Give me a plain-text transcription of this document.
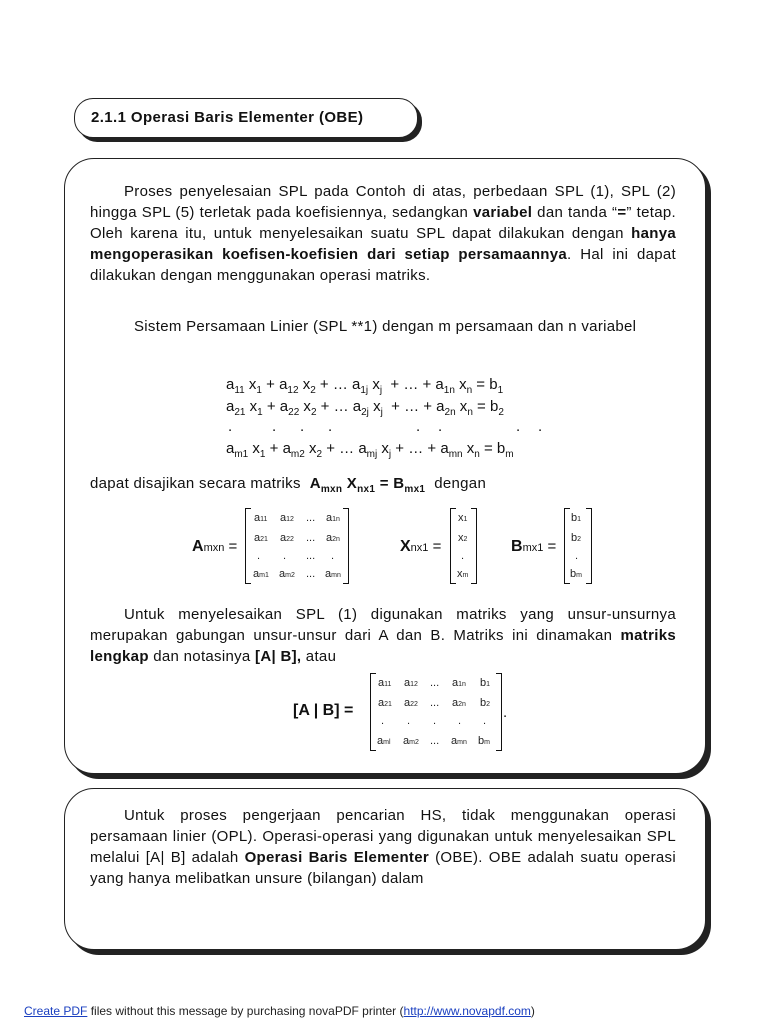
2.1.1 Operasi Baris Elementer (OBE)

Proses penyelesaian SPL pada Contoh di atas, perbedaan SPL (1), SPL (2) hingga SPL (5) terletak pada koefisiennya, sedangkan variabel dan tanda “=” tetap. Oleh karena itu, untuk menyelesaikan suatu SPL dapat dilakukan dengan hanya mengoperasikan koefisen-koefisien dari setiap persamaannya. Hal ini dapat dilakukan dengan menggunakan operasi matriks.

Sistem Persamaan Linier (SPL **1) dengan m persamaan dan n variabel

$a_{11}$ $x_1 + a_{12}$ $x_2$ + … $a_{1j}$ $x_j$  + … + $a_{1n}$ $x_n = b_1$
$a_{21}$ $x_1 + a_{22}$ $x_2$ + … $a_{2j}$ $x_j$  + … + $a_{2n}$ $x_n = b_2$
.	. . .	. .	. .
$a_{m1}$ $x_1 + a_{m2}$ $x_2$ + … $a_{mj}$ $x_j$ + … + $a_{mn}$ $x_n = b_m$
dapat disajikan secara matriks  $A_{mxn}$ $X_{nx1} = B_{mx1}$ dengan
Amxn =
a11 a12 ... a1n
a21 a22 ... a2n
. . ... .
am1 am2 ... amn
Xnx1 =
x1
x2
.
xm
Bmx1 =
b1
b2
.
bm

Untuk menyelesaikan SPL (1) digunakan matriks yang unsur-unsurnya merupakan gabungan unsur-unsur dari A dan B. Matriks ini dinamakan matriks lengkap dan notasinya [A| B], atau

[A | B] =
a11 a12 ... a1n b1
a21 a22 ... a2n b2
. . . . .
aml am2 ... amn bm
.

Untuk proses pengerjaan pencarian HS, tidak menggunakan operasi persamaan linier (OPL). Operasi-operasi yang digunakan untuk menyelesaikan SPL melalui [A| B] adalah Operasi Baris Elementer (OBE). OBE adalah suatu operasi yang hanya melibatkan unsure (bilangan) dalam

Create PDF files without this message by purchasing novaPDF printer (http://www.novapdf.com)
